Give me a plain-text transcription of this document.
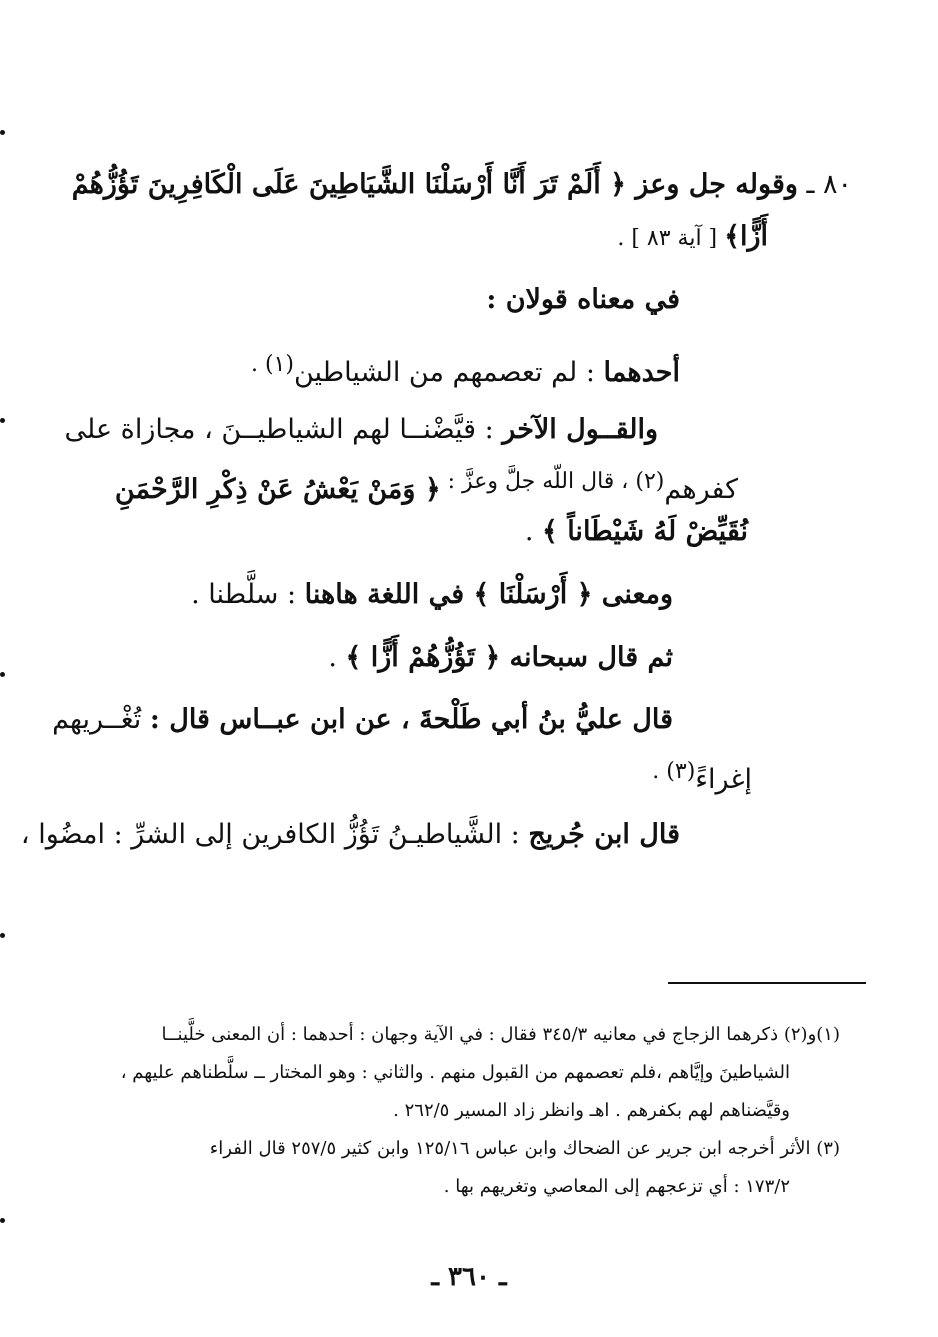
٨٠ ـ وقوله جل وعز ﴿ أَلَمْ تَرَ أَنَّا أَرْسَلْنَا الشَّيَاطِينَ عَلَى الْكَافِرِينَ تَؤُزُّهُمْ
أَزًّا﴾ [ آية ٨٣ ] .
في معناه قولان :
أحدهما : لم تعصمهم من الشياطين$^{(١) .}$
والقــول الآخر : قيَّضْنــا لهم الشياطيــنَ ، مجازاة على
كفرهم$^{(٢) ، قال اللّه جلَّ وعزَّ :}$ ﴿ وَمَنْ يَعْشُ عَنْ ذِكْرِ الرَّحْمَنِ
نُقَيِّضْ لَهُ شَيْطَاناً ﴾ .
ومعنى ﴿ أَرْسَلْنَا ﴾ في اللغة هاهنا : سلَّطنا .
ثم قال سبحانه ﴿ تَؤُزُّهُمْ أَزًّا ﴾ .
قال عليُّ بنُ أبي طَلْحةَ ، عن ابن عبــاس قال : تُغْــريهم
إغراءً$^{(٣) .}$
قال ابن جُريج : الشَّياطيـنُ تَؤُزُّ الكافرين إلى الشرِّ : امضُوا ،
(١)و(٢) ذكرهما الزجاج في معانيه ٣٤٥/٣ فقال : في الآية وجهان : أحدهما : أن المعنى خلَّينــا
الشياطينَ وإيَّاهم ،فلم تعصمهم من القبول منهم . والثاني : وهو المختار ــ سلَّطناهم عليهم ،
وقيَّضناهم لهم بكفرهم . اهـ وانظر زاد المسير ٢٦٢/٥ .
(٣) الأثر أخرجه ابن جرير عن الضحاك وابن عباس ١٢٥/١٦ وابن كثير ٢٥٧/٥ قال الفراء
١٧٣/٢ : أي تزعجهم إلى المعاصي وتغريهم بها .
ـ ٣٦٠ ـ
